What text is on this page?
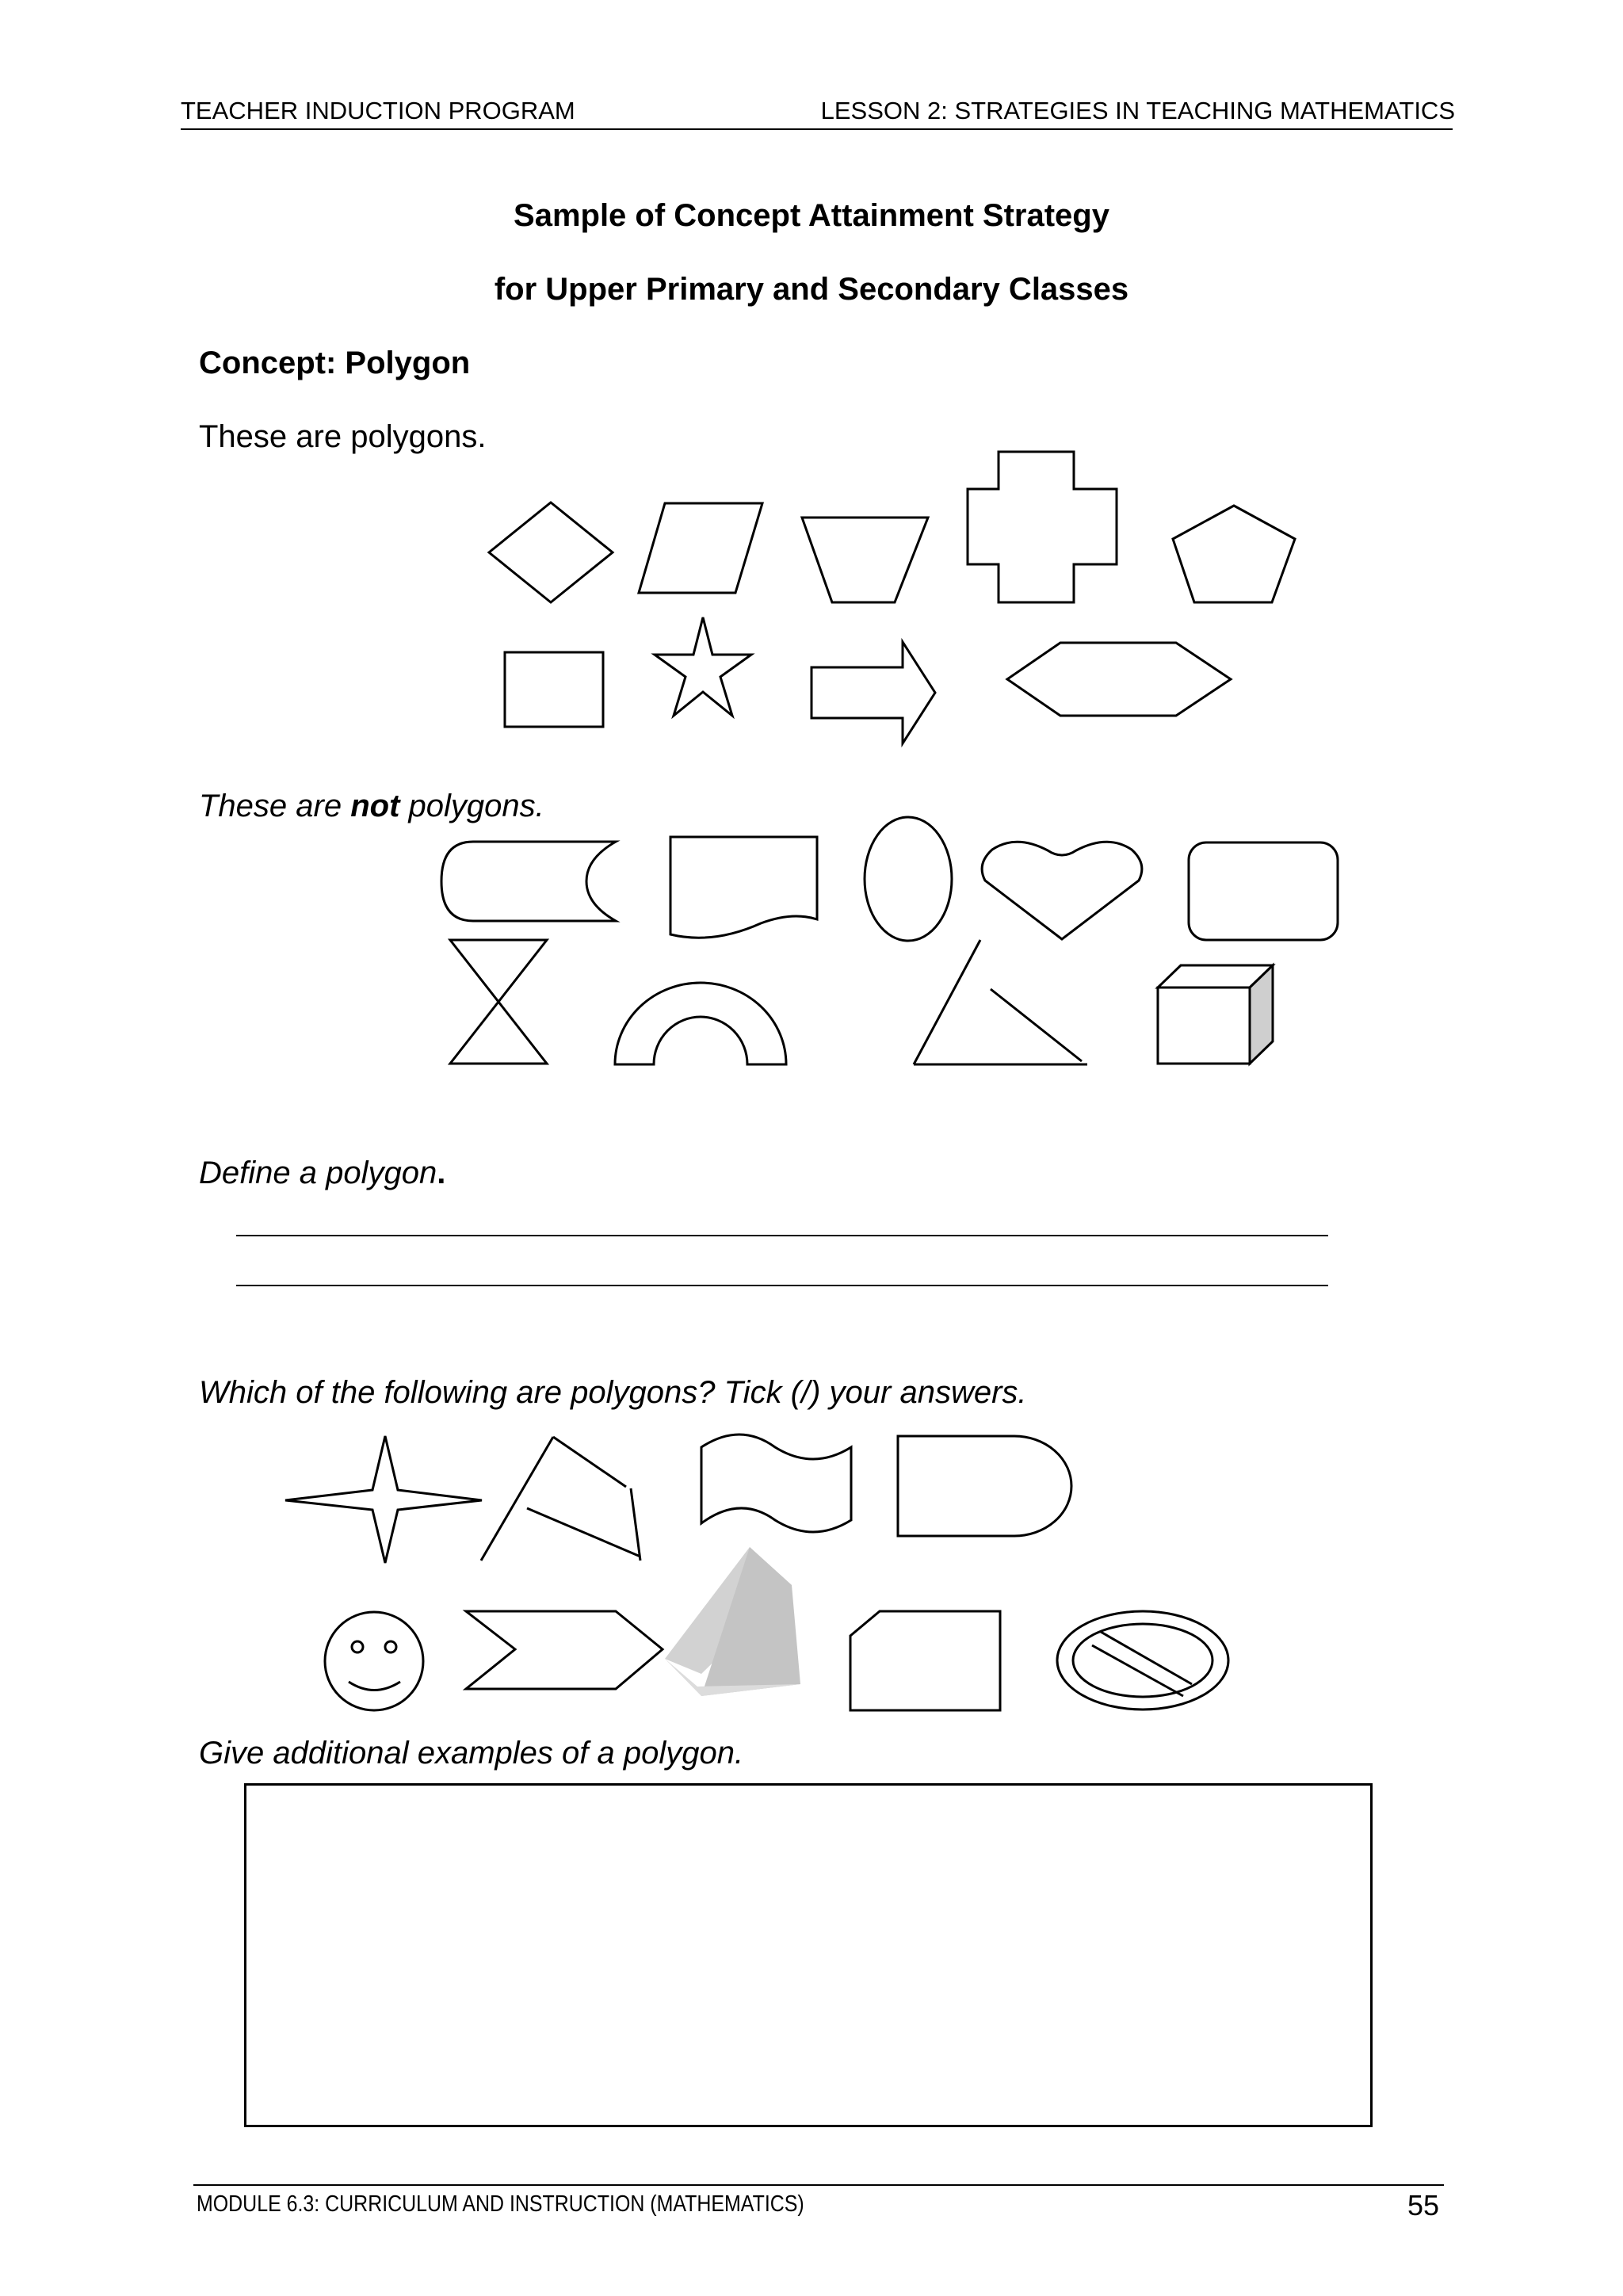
TEACHER INDUCTION PROGRAM	LESSON 2: STRATEGIES IN TEACHING MATHEMATICS
Sample of Concept Attainment Strategy
for Upper Primary and Secondary Classes
Concept: Polygon
These are polygons.
These are not polygons.
Define a polygon.
Which of the following are polygons? Tick (/) your answers.
Give additional examples of a polygon.
MODULE 6.3: CURRICULUM AND INSTRUCTION (MATHEMATICS)	55
